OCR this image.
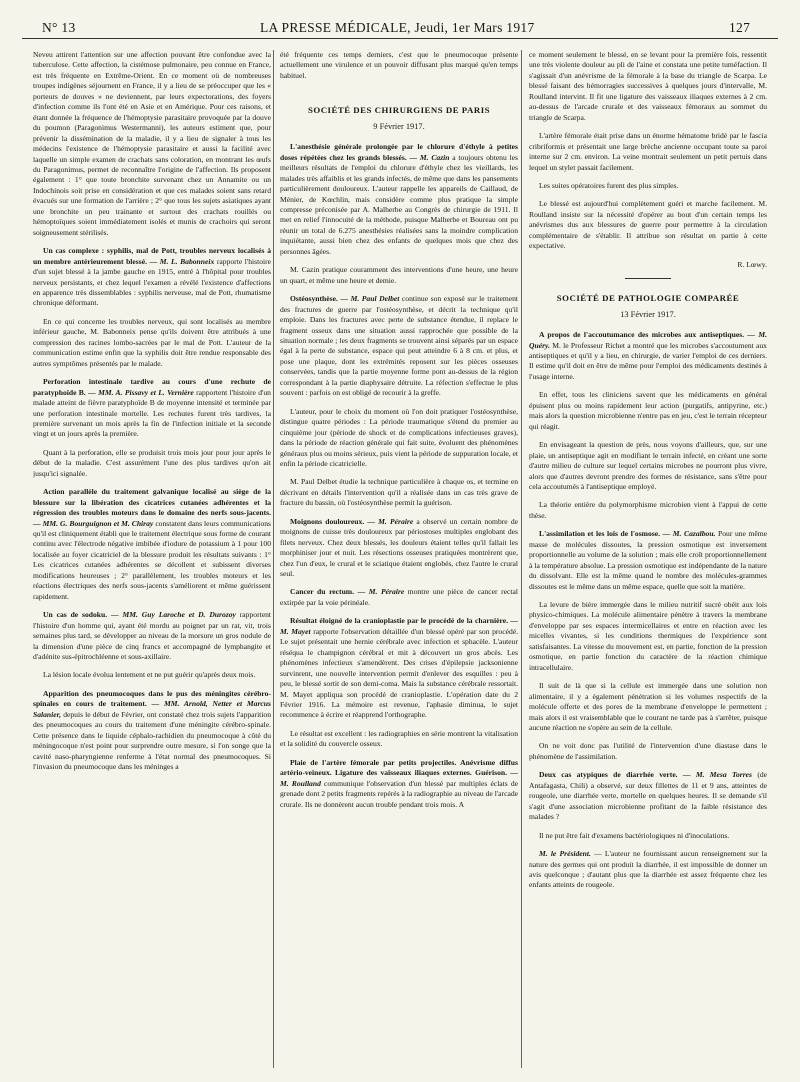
N° 13	LA PRESSE MÉDICALE, Jeudi, 1er Mars 1917	127

Neveu attirent l'attention sur une affection pouvant être confondue avec la tuberculose. Cette affection, la cistémose pulmonaire, peu connue en France, est très fréquente en Extrême-Orient. En ce moment où de nombreuses troupes indigènes séjournent en France, il y a lieu de se préoccuper que les « porteurs de douves » ne deviennent, par leurs expectorations, des foyers d'infection comme ils l'ont été en Asie et en Amérique. Pour ces raisons, et étant donnée la fréquence de l'hémoptysie parasitaire provoquée par la douve du poumon (Paragonimus Westermanni), les auteurs estiment que, pour prévenir la dissémination de la maladie, il y a lieu de signaler à tous les médecins l'existence de l'hémoptysie parasitaire et aussi la facilité avec laquelle un simple examen de crachats sans coloration, en montrant les œufs du Paragonimus, permet de reconnaître l'origine de l'affection. Ils proposent également : 1° que toute bronchite survenant chez un Annamite ou un Indochinois soit prise en considération et que ces malades soient sans retard évacués sur une formation de l'arrière ; 2° que tous les sujets asiatiques ayant une bronchite un peu trainante et surtout des crachats rouillés ou hémoptoïques soient immédiatement isolés et munis de crachoirs qui seront soigneusement stérilisés.

Un cas complexe : syphilis, mal de Pott, troubles nerveux localisés à un membre antérieurement blessé. — M. L. Babonneix rapporte l'histoire d'un sujet blessé à la jambe gauche en 1915, entré à l'hôpital pour troubles nerveux persistants, et chez lequel l'examen a révélé l'existence d'affections en apparence très dissemblables : syphilis nerveuse, mal de Pott, rhumatisme chronique déformant.

En ce qui concerne les troubles nerveux, qui sont localisés au membre inférieur gauche, M. Babonneix pense qu'ils doivent être attribués à une compression des racines lombo-sacrées par le mal de Pott. L'auteur de la communication estime enfin que la syphilis doit être rendue responsable des autres symptômes présentés par le malade.

Perforation intestinale tardive au cours d'une rechute de paratyphoïde B. — MM. A. Pissavy et L. Vernière rapportent l'histoire d'un malade atteint de fièvre paratyphoïde B de moyenne intensité et terminée par une perforation intestinale mortelle. Les rechutes furent très tardives, la première survenant un mois après la fin de l'infection initiale et la seconde vingt et un jours après la première.

Quant à la perforation, elle se produisit trois mois jour pour jour après le début de la maladie. C'est assurément l'une des plus tardives qu'on ait jusqu'ici signalée.

Action parallèle du traitement galvanique localisé au siège de la blessure sur la libération des cicatrices cutanées adhérentes et la régression des troubles moteurs dans le domaine des nerfs sous-jacents. — MM. G. Bourguignon et M. Chiray constatent dans leurs communications qu'il est cliniquement établi que le traitement électrique sous forme de courant continu avec l'électrode négative imbibée d'iodure de potassium à 1 pour 100 localisée au foyer cicatriciel de la blessure produit les résultats suivants : 1° Les cicatrices cutanées adhérentes se décollent et subissent diverses modifications heureuses ; 2° parallèlement, les troubles moteurs et les réactions électriques des nerfs sous-jacents s'améliorent et même guérissent rapidement.

Un cas de sodoku. — MM. Guy Laroche et D. Durozoy rapportent l'histoire d'un homme qui, ayant été mordu au poignet par un rat, vit, trois semaines plus tard, se développer au niveau de la morsure un gros nodule de la dimension d'une pièce de cinq francs et accompagné de lymphangite et d'adénite sus-épitrochléenne et sous-axillaire.

La lésion locale évolua lentement et ne put guérir qu'après deux mois.

Apparition des pneumocoques dans le pus des méningites cérébro-spinales en cours de traitement. — MM. Arnold, Netter et Marcus Salanier, depuis le début de Février, ont constaté chez trois sujets l'apparition des pneumocoques au cours du traitement d'une méningite cérébro-spinale. Cette présence dans le liquide céphalo-rachidien du pneumocoque à côté du méningocoque n'est point pour surprendre outre mesure, si l'on songe que la cavité naso-pharyngienne renferme à l'état normal des pneumocoques. Si l'invasion du pneumocoque dans les méninges a

été fréquente ces temps derniers, c'est que le pneumocoque présente actuellement une virulence et un pouvoir diffusant plus marqué qu'en temps habituel.

SOCIÉTÉ DES CHIRURGIENS DE PARIS
9 Février 1917.

L'anesthésie générale prolongée par le chlorure d'éthyle à petites doses répétées chez les grands blessés. — M. Cazin a toujours obtenu les meilleurs résultats de l'emploi du chlorure d'éthyle chez les vieillards, les malades très affaiblis et les grands infectés, de même que dans les pansements particulièrement douloureux. L'auteur rappelle les appareils de Caillaud, de Ménier, de Kœchlin, mais considère comme plus pratique la simple compresse préconisée par A. Malherbe au Congrès de chirurgie de 1911. Il met en relief l'innocuité de la méthode, puisque Malherbe et Boureau ont pu réunir un total de 6.275 anesthésies réalisées sans la moindre complication inquiétante, aussi bien chez des enfants de quelques mois que chez des personnes âgées.

M. Cazin pratique couramment des interventions d'une heure, une heure un quart, et même une heure et demie.

Ostéosynthèse. — M. Paul Delbet continue son exposé sur le traitement des fractures de guerre par l'ostéosynthèse, et décrit la technique qu'il emploie. Dans les fractures avec perte de substance étendue, il replace le fragment osseux dans une situation aussi rapprochée que possible de la situation normale ; les deux fragments se trouvent ainsi séparés par un espace égal à la perte de substance, espace qui peut atteindre 6 à 8 cm. et plus, et pose une plaque, dont les extrémités reposent sur les pièces osseuses conservées, tandis que la partie moyenne forme pont au-dessus de la région correspondant à la partie diaphysaire détruite. La réfection s'effectue le plus souvent : parfois on est obligé de recourir à la greffe.

L'auteur, pour le choix du moment où l'on doit pratiquer l'ostéosynthèse, distingue quatre périodes : La période traumatique s'étend du premier au cinquième jour (période de shock et de complications infectieuses graves), dans la période de réaction générale qui fait suite, évoluent des phénomènes généraux plus ou moins sérieux, puis vient la période de suppuration locale, et enfin la période cicatricielle.

M. Paul Delbet étudie la technique particulière à chaque os, et termine en décrivant en détails l'intervention qu'il a réalisée dans un cas très grave de fracture du bassin, où l'ostéosynthèse permit la guérison.

Moignons douloureux. — M. Péraire a observé un certain nombre de moignons de cuisse très douloureux par périostoses multiples englobant des filets nerveux. Chez deux blessés, les douleurs étaient telles qu'il fallait les morphiniser jour et nuit. Les résections osseuses pratiquées montrèrent que, chez l'un d'eux, le crural et le sciatique étaient englobés, chez l'autre le crural seul.

Cancer du rectum. — M. Péraire montre une pièce de cancer rectal extirpée par la voie périnéale.

Résultat éloigné de la cranioplastie par le procédé de la charnière. — M. Mayet rapporte l'observation détaillée d'un blessé opéré par son procédé. Le sujet présentait une hernie cérébrale avec infection et sphacèle. L'auteur réséqua le champignon cérébral et mit à découvert un gros abcès. Les phénomènes infectieux s'amendèrent. Des crises d'épilepsie jacksonienne survinrent, une nouvelle intervention permit d'enlever des esquilles : peu à peu, le blessé sortit de son demi-coma. Mais la substance cérébrale ressortait. M. Mayet appliqua son procédé de cranioplastie. L'opération date du 2 Février 1916. La mémoire est revenue, l'aphasie diminua, le sujet recommence à écrire et réapprend l'orthographe.

Le résultat est excellent : les radiographies en série montrent la vitalisation et la solidité du couvercle osseux.

Plaie de l'artère fémorale par petits projectiles. Anévrisme diffus artério-veineux. Ligature des vaisseaux iliaques externes. Guérison. — M. Roulland communique l'observation d'un blessé par multiples éclats de grenade dont 2 petits fragments repérés à la radiographie au niveau de l'arcade crurale. Ils ne donnèrent aucun trouble pendant trois mois. A

ce moment seulement le blessé, en se levant pour la première fois, ressentit une très violente douleur au pli de l'aine et constata une petite tuméfaction. Il s'agissait d'un anévrisme de la fémorale à la base du triangle de Scarpa. Le blessé faisant des hémorragies successives à quelques jours d'intervalle, M. Roulland intervint. Il fit une ligature des vaisseaux iliaques externes à 2 cm. au-dessus de l'arcade crurale et des vaisseaux fémoraux au sommet du triangle de Scarpa.

L'artère fémorale était prise dans un énorme hématome bridé par le fascia cribriformis et présentait une large brèche ancienne occupant toute sa paroi interne sur 2 cm. environ. La veine montrait seulement un petit pertuis dans lequel un stylet passait facilement.

Les suites opératoires furent des plus simples.

Le blessé est aujourd'hui complètement guéri et marche facilement. M. Roulland insiste sur la nécessité d'opérer au bout d'un certain temps les anévrismes dus aux blessures de guerre pour permettre à la circulation complémentaire de s'établir. Il attribue son résultat en partie à cette expectative.

R. Lœwy.
SOCIÉTÉ DE PATHOLOGIE COMPARÉE
13 Février 1917.

A propos de l'accoutumance des microbes aux antiseptiques. — M. Quéry. M. le Professeur Richet a montré que les microbes s'accoutument aux antiseptiques et qu'il y a lieu, en chirurgie, de varier l'emploi de ces derniers. Il estime qu'il doit en être de même pour l'emploi des médicaments destinés à l'usage interne.

En effet, tous les cliniciens savent que les médicaments en général épuisent plus ou moins rapidement leur action (purgatifs, antipyrine, etc.) mais alors la question microbienne n'entre pas en jeu, c'est le terrain récepteur qui réagit.

En envisageant la question de près, nous voyons d'ailleurs, que, sur une plaie, un antiseptique agit en modifiant le terrain infecté, en créant une sorte d'autre milieu de culture sur lequel certains microbes ne pourront plus vivre, alors que d'autres devront prendre des formes de résistance, sans s'être pour cela accoutumés à l'antiseptique employé.

La théorie entière du polymorphisme microbien vient à l'appui de cette thèse.

L'assimilation et les lois de l'osmose. — M. Cazalbou. Pour une même masse de molécules dissoutes, la pression osmotique est inversement proportionnelle au volume de la solution ; mais elle croît proportionnellement à la température absolue. La pression osmotique est indépendante de la nature du dissolvant. Elle est la même quand le nombre des molécules-grammes dissoutes est le même dans un même espace, quelle que soit la matière.

La levure de bière immergée dans le milieu nutritif sucré obéit aux lois physico-chimiques. La molécule alimentaire pénètre à travers la membrane d'enveloppe par ses espaces intermicellaires et entre en réaction avec les micelles vivantes, si les conditions thermiques de l'expérience sont satisfaisantes. La vitesse du mouvement est, en partie, fonction de la pression osmotique, en partie fonction du caractère de la réaction chimique intracellulaire.

Il suit de là que si la cellule est immergée dans une solution non alimentaire, il y a également pénétration si les volumes respectifs de la molécule offerte et des pores de la membrane d'enveloppe le permettent ; mais alors il est vraisemblable que le courant ne tarde pas à s'arrêter, puisque aucune réaction ne s'opère au sein de la cellule.

On ne voit donc pas l'utilité de l'intervention d'une diastase dans le phénomène de l'assimilation.

Deux cas atypiques de diarrhée verte. — M. Mesa Torres (de Antafagasta, Chili) a observé, sur deux fillettes de 11 et 9 ans, atteintes de rougeole, une diarrhée verte, mortelle en quelques heures. Il se demande s'il s'agit d'une association microbienne profitant de la faible résistance des malades ?

Il ne put être fait d'examens bactériologiques ni d'inoculations.

M. le Président. — L'auteur ne fournissant aucun renseignement sur la nature des germes qui ont produit la diarrhée, il est impossible de donner un avis quelconque ; d'autant plus que la diarrhée est assez fréquente chez les enfants atteints de rougeole.
